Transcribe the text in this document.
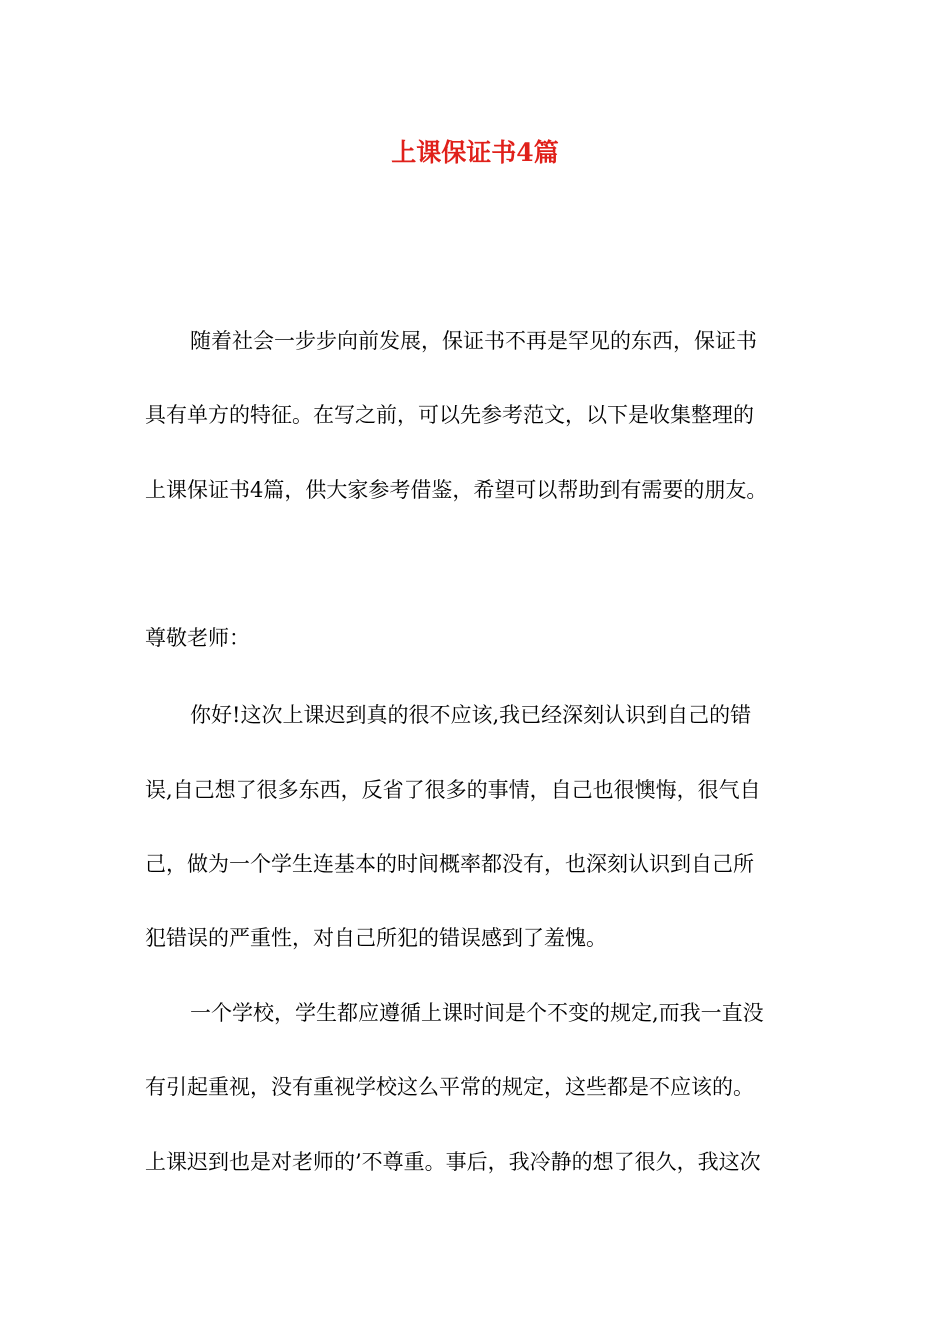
上课保证书4篇
随着社会一步步向前发展，保证书不再是罕见的东西，保证书
具有单方的特征。在写之前，可以先参考范文，以下是收集整理的
上课保证书4篇，供大家参考借鉴，希望可以帮助到有需要的朋友。
尊敬老师：
你好!这次上课迟到真的很不应该,我已经深刻认识到自己的错
误,自己想了很多东西，反省了很多的事情，自己也很懊悔，很气自
己，做为一个学生连基本的时间概率都没有，也深刻认识到自己所
犯错误的严重性，对自己所犯的错误感到了羞愧。
一个学校，学生都应遵循上课时间是个不变的规定,而我一直没
有引起重视，没有重视学校这么平常的规定，这些都是不应该的。
上课迟到也是对老师的’不尊重。事后，我冷静的想了很久，我这次
